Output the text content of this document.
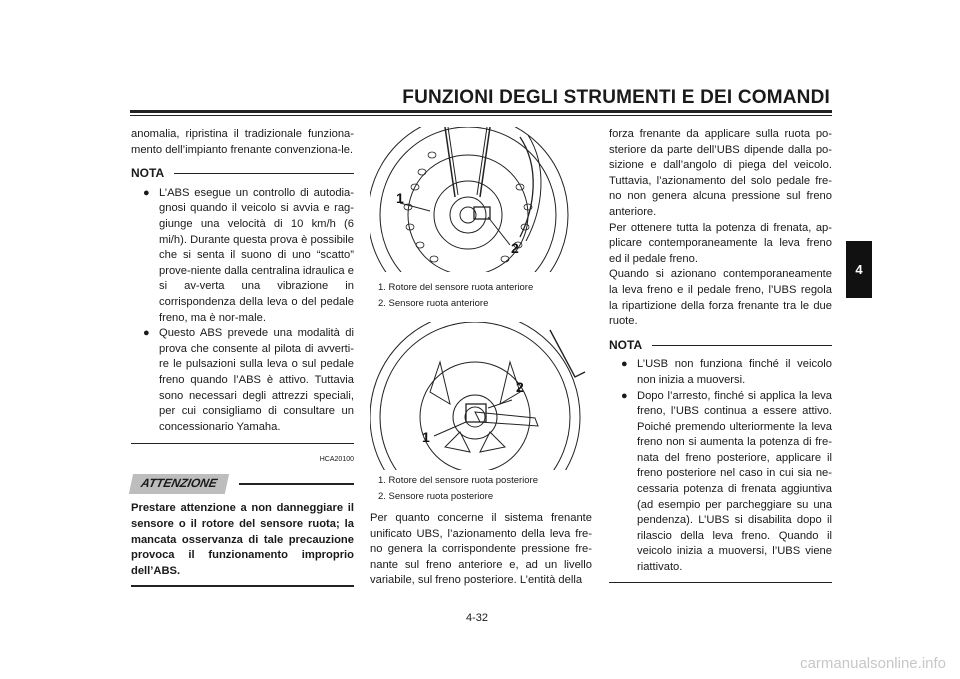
FUNZIONI DEGLI STRUMENTI E DEI COMANDI
4

anomalia, ripristina il tradizionale funziona-mento dell’impianto frenante convenziona-le.

NOTA
● L’ABS esegue un controllo di autodia-gnosi quando il veicolo si avvia e rag-giunge una velocità di 10 km/h (6 mi/h). Durante questa prova è possibile che si senta il suono di uno “scatto” prove-niente dalla centralina idraulica e si av-verta una vibrazione in corrispondenza della leva o del pedale freno, ma è nor-male.
● Questo ABS prevede una modalità di prova che consente al pilota di avverti-re le pulsazioni sulla leva o sul pedale freno quando l’ABS è attivo. Tuttavia sono necessari degli attrezzi speciali, per cui consigliamo di consultare un concessionario Yamaha.
HCA20100
ATTENZIONE
Prestare attenzione a non danneggiare il sensore o il rotore del sensore ruota; la mancata osservanza di tale precauzione provoca il funzionamento improprio dell’ABS.
1
2
1. Rotore del sensore ruota anteriore
2. Sensore ruota anteriore
1
2
1. Rotore del sensore ruota posteriore
2. Sensore ruota posteriore

Per quanto concerne il sistema frenante unificato UBS, l’azionamento della leva fre-no genera la corrispondente pressione fre-nante sul freno anteriore e, ad un livello variabile, sul freno posteriore. L’entità della

forza frenante da applicare sulla ruota po-steriore da parte dell’UBS dipende dalla po-sizione e dall’angolo di piega del veicolo. Tuttavia, l’azionamento del solo pedale fre-no non genera alcuna pressione sul freno anteriore.

Per ottenere tutta la potenza di frenata, ap-plicare contemporaneamente la leva freno ed il pedale freno.

Quando si azionano contemporaneamente la leva freno e il pedale freno, l’UBS regola la ripartizione della forza frenante tra le due ruote.

NOTA
● L’USB non funziona finché il veicolo non inizia a muoversi.
● Dopo l’arresto, finché si applica la leva freno, l’UBS continua a essere attivo. Poiché premendo ulteriormente la leva freno non si aumenta la potenza di fre-nata del freno posteriore, applicare il freno posteriore nel caso in cui sia ne-cessaria potenza di frenata aggiuntiva (ad esempio per parcheggiare su una pendenza). L’UBS si disabilita dopo il rilascio della leva freno. Quando il veicolo inizia a muoversi, l’UBS viene riattivato.
4-32
carmanualsonline.info
